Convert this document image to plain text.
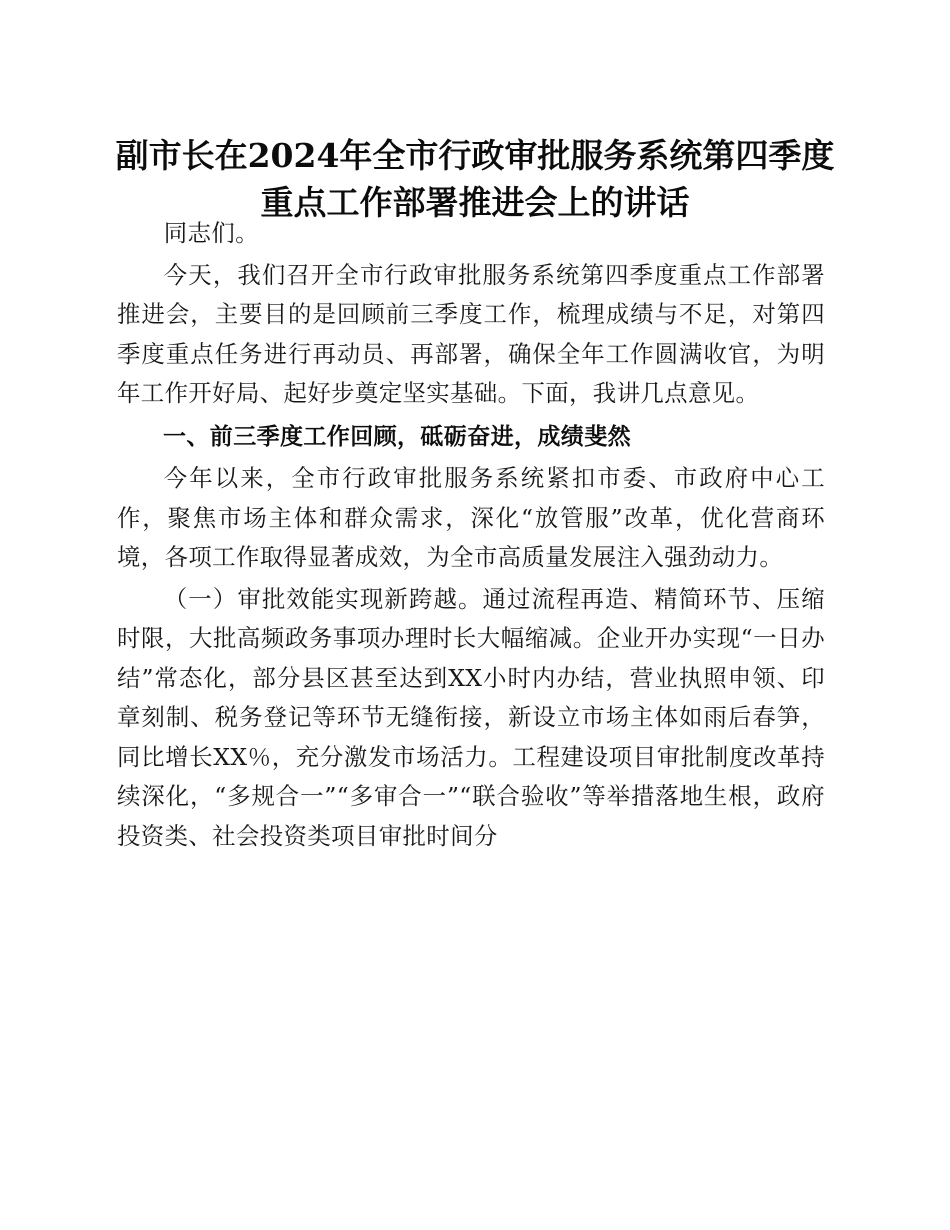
副市长在2024年全市行政审批服务系统第四季度重点工作部署推进会上的讲话

同志们。

今天，我们召开全市行政审批服务系统第四季度重点工作部署推进会，主要目的是回顾前三季度工作，梳理成绩与不足，对第四季度重点任务进行再动员、再部署，确保全年工作圆满收官，为明年工作开好局、起好步奠定坚实基础。下面，我讲几点意见。

一、前三季度工作回顾，砥砺奋进，成绩斐然

今年以来，全市行政审批服务系统紧扣市委、市政府中心工作，聚焦市场主体和群众需求，深化“放管服”改革，优化营商环境，各项工作取得显著成效，为全市高质量发展注入强劲动力。

（一）审批效能实现新跨越。通过流程再造、精简环节、压缩时限，大批高频政务事项办理时长大幅缩减。企业开办实现“一日办结”常态化，部分县区甚至达到XX小时内办结，营业执照申领、印章刻制、税务登记等环节无缝衔接，新设立市场主体如雨后春笋，同比增长XX％，充分激发市场活力。工程建设项目审批制度改革持续深化，“多规合一”“多审合一”“联合验收”等举措落地生根，政府投资类、社会投资类项目审批时间分
